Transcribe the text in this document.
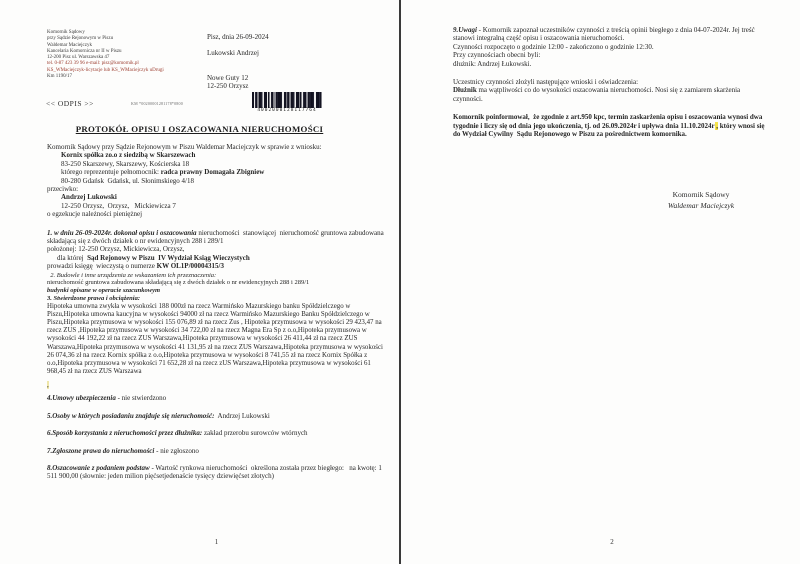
Komornik Sądowy
przy Sądzie Rejonowym w Piszu
Waldemar Maciejczyk
Kancelaria Komornicza nr II w Piszu
12-200 Pisz ul. Warszawska 47
tel. 0-87 423 39 96 e-mail: pisz@komornik.pl
KS_WMaciejczyk-licytacje lub KS_WMaciejczyk uDrugi
Km 1190/17
Pisz, dnia 26-09-2024
Lukowski Andrzej
Nowe Guty 12
12-250 Orzysz
<< ODPIS >>	KM *00200001281178*0800
4002000128117764
PROTOKÓŁ OPISU I OSZACOWANIA NIERUCHOMOŚCI

Komornik Sądowy przy Sądzie Rejonowym w Piszu Waldemar Maciejczyk w sprawie z wniosku:

Kornix spółka zo.o z siedzibą w Skarszewach

83-250 Skarszewy, Skarszewy, Kościerska 18

którego reprezentuje pełnomocnik: radca prawny Domagała Zbigniew

80-280 Gdańsk  Gdańsk, ul. Słonimskiego 4/18

przeciwko:

Andrzej Lukowski

12-250 Orzysz,  Orzysz,   Mickiewicza 7

o egzekucje należności pieniężnej

1. w dniu 26-09-2024r. dokonał opisu i oszacowania nieruchomości  stanowiącej  nieruchomość gruntowa zabudowana składającą się z dwóch działek o nr ewidencyjnych 288 i 289/1

położonej: 12-250 Orzysz, Mickiewicza, Orzysz,

dla której  Sąd Rejonowy w Piszu  IV Wydział Ksiąg Wieczystych

prowadzi księgę  wieczystą o numerze KW OL1P/00004315/3

2. Budowle i inne urządzenia ze wskazaniem ich przeznaczenia:

nieruchomość gruntowa zabudowana składającą się z dwóch działek o nr ewidencyjnych 288 i 289/1

budynki opisane w operacie szacunkowym

3. Stwierdzone prawa i obciążenia:

Hipoteka umowna zwykła w wysokości 188 000zł na rzecz Warmińsko Mazurskiego banku Spółdzielczego w Piszu,Hipoteka umowna kaucyjna w wysokości 94000 zł na rzecz Warmińsko Mazurskiego Banku Spółdzielczego w Piszu,Hipoteka przymusowa w wysokości 155 076,89 zł na rzecz Zus , Hipoteka przymusowa w wysokości 29 423,47 na rzecz ZUS ,Hipoteka przymusowa w wysokości 34 722,00 zł na rzecz Magna Era Sp z o.o,Hipoteka przymusowa w wysokości 44 192,22 zł na rzecz ZUS Warszawa,Hipoteka przymusowa w wysokości 26 411,44 zł na rzecz ZUS Warszawa,Hipoteka przymusowa w wysokości 41 131,95 zł na rzecz ZUS Warszawa,Hipoteka przymusowa w wysokości 26 074,36 zł na rzecz Kornix spółka z o.o,Hipoteka przymusowa w wysokości 8 741,55 zł na rzecz Kornix Spółka z o.o,Hipoteka przymusowa w wysokości 71 652,28 zł na rzecz zUS Warszawa,Hipoteka przymusowa w wysokości 61 968,45 zł na rzecz ZUS Warszawa

,

4.Umowy ubezpieczenia - nie stwierdzono

5.Osoby w których posiadaniu znajduje się nieruchomość:  Andrzej Lukowski

6.Sposób korzystania z nieruchomości przez dłużnika: zakład przerobu surowców wtórnych

7.Zgłoszone prawa do nieruchomości - nie zgłoszono

8.Oszacowanie z podaniem podstaw - Wartość rynkowa nieruchomości  określona została przez biegłego:   na kwotę: 1 511 900,00 (słownie: jeden milion pięćsetjedenaście tysięcy dziewięćset złotych)

1

9.Uwagi - Komornik zapoznał uczestników czynności z treścią opinii biegłego z dnia 04-07-2024r. Jej treść stanowi integralną część opisu i oszacowania nieruchomości.

Czynności rozpoczęto o godzinie 12:00 - zakończono o godzinie 12:30.

Przy czynnościach obecni byli:

dłużnik: Andrzej Łukowski.

Uczestnicy czynności złożyli następujące wnioski i oświadczenia:

Dłużnik ma wątpliwości co do wysokości oszacowania nieruchomości. Nosi się z zamiarem skarżenia czynności.

Komornik poinformował,  że zgodnie z art.950 kpc, termin zaskarżenia opisu i oszacowania wynosi dwa tygodnie i liczy się od dnia jego ukończenia, tj. od 26.09.2024r i upływa dnia 11.10.2024r , który wnosi się do Wydział Cywilny  Sądu Rejonowego w Piszu za pośrednictwem komornika.

Komornik Sądowy
Waldemar Maciejczyk
2
